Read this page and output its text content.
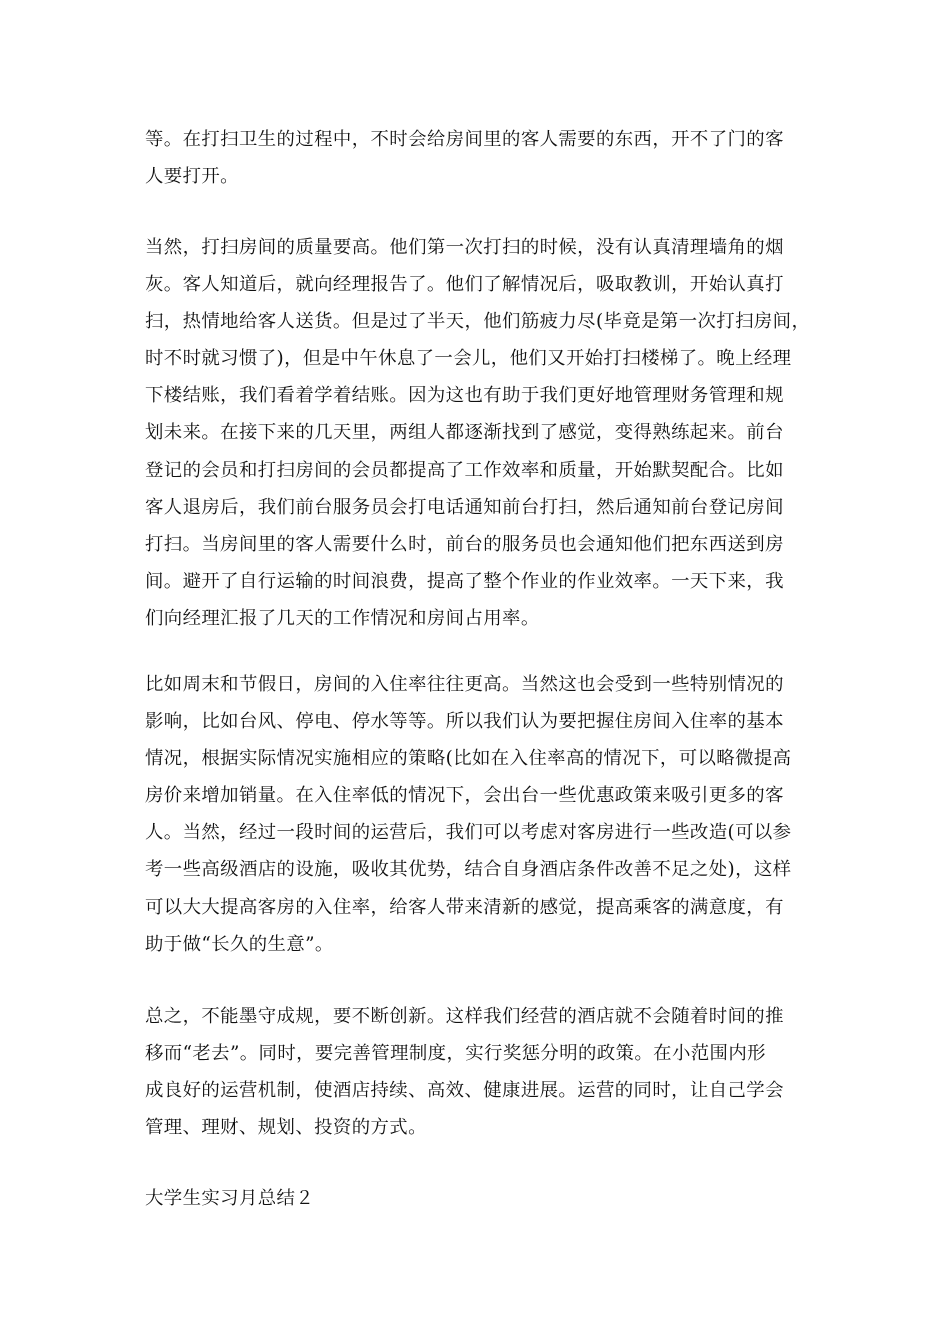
等。在打扫卫生的过程中，不时会给房间里的客人需要的东西，开不了门的客
人要打开。
当然，打扫房间的质量要高。他们第一次打扫的时候，没有认真清理墙角的烟
灰。客人知道后，就向经理报告了。他们了解情况后，吸取教训，开始认真打
扫，热情地给客人送货。但是过了半天，他们筋疲力尽(毕竟是第一次打扫房间，
时不时就习惯了)，但是中午休息了一会儿，他们又开始打扫楼梯了。晚上经理
下楼结账，我们看着学着结账。因为这也有助于我们更好地管理财务管理和规
划未来。在接下来的几天里，两组人都逐渐找到了感觉，变得熟练起来。前台
登记的会员和打扫房间的会员都提高了工作效率和质量，开始默契配合。比如
客人退房后，我们前台服务员会打电话通知前台打扫，然后通知前台登记房间
打扫。当房间里的客人需要什么时，前台的服务员也会通知他们把东西送到房
间。避开了自行运输的时间浪费，提高了整个作业的作业效率。一天下来，我
们向经理汇报了几天的工作情况和房间占用率。
比如周末和节假日，房间的入住率往往更高。当然这也会受到一些特别情况的
影响，比如台风、停电、停水等等。所以我们认为要把握住房间入住率的基本
情况，根据实际情况实施相应的策略(比如在入住率高的情况下，可以略微提高
房价来增加销量。在入住率低的情况下，会出台一些优惠政策来吸引更多的客
人。当然，经过一段时间的运营后，我们可以考虑对客房进行一些改造(可以参
考一些高级酒店的设施，吸收其优势，结合自身酒店条件改善不足之处)，这样
可以大大提高客房的入住率，给客人带来清新的感觉，提高乘客的满意度，有
助于做“长久的生意”。
总之，不能墨守成规，要不断创新。这样我们经营的酒店就不会随着时间的推
移而“老去”。同时，要完善管理制度，实行奖惩分明的政策。在小范围内形
成良好的运营机制，使酒店持续、高效、健康进展。运营的同时，让自己学会
管理、理财、规划、投资的方式。
大学生实习月总结２
